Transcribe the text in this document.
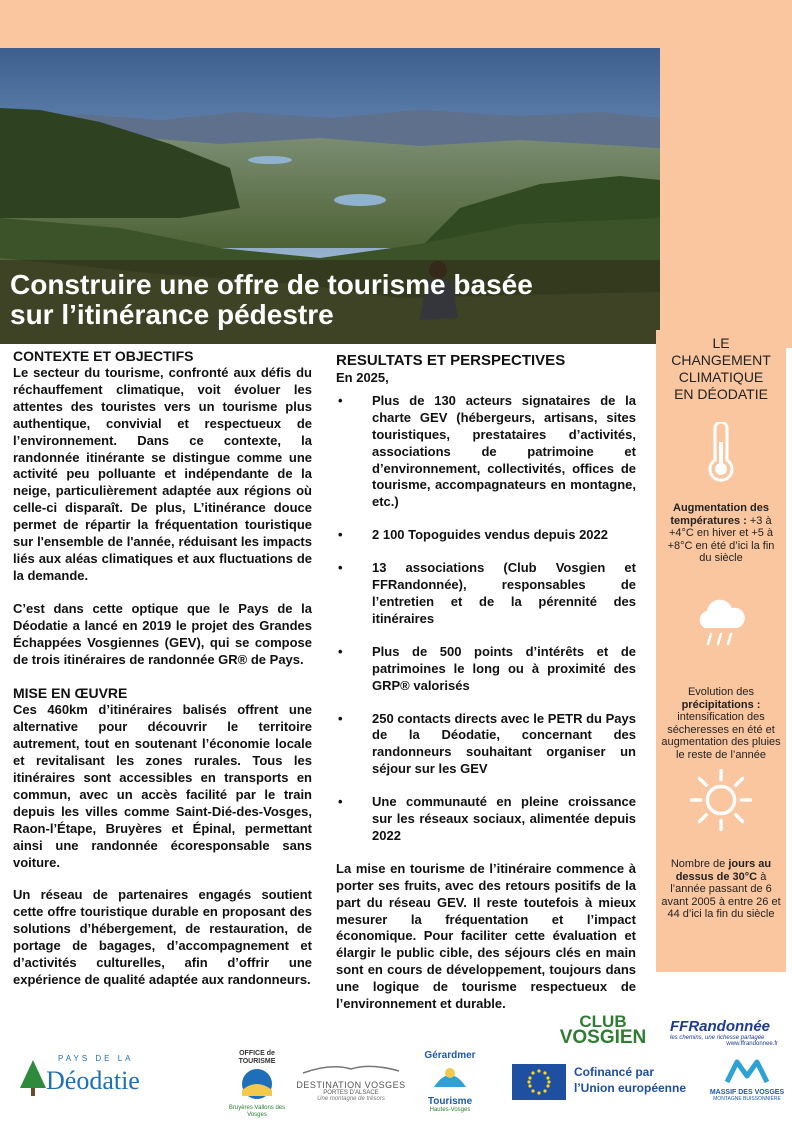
Construire une offre de tourisme basée
sur l’itinérance pédestre
LE
CHANGEMENT
CLIMATIQUE
EN DÉODATIE
Augmentation des températures : +3 à +4°C en hiver et +5 à +8°C en été d’ici la fin du siècle
Evolution des précipitations : intensification des sécheresses en été et augmentation des pluies le reste de l’année
Nombre de jours au dessus de 30°C à l’année passant de 6 avant 2005 à entre 26 et 44 d’ici la fin du siècle
CONTEXTE ET OBJECTIFS
Le secteur du tourisme, confronté aux défis du réchauffement climatique, voit évoluer les attentes des touristes vers un tourisme plus authentique, convivial et respectueux de l’environnement. Dans ce contexte, la randonnée itinérante se distingue comme une activité peu polluante et indépendante de la neige, particulièrement adaptée aux régions où celle-ci disparaît. De plus, L’itinérance douce permet de répartir la fréquentation touristique sur l'ensemble de l'année, réduisant les impacts liés aux aléas climatiques et aux fluctuations de la demande.
C’est dans cette optique que le Pays de la Déodatie a lancé en 2019 le projet des Grandes Échappées Vosgiennes (GEV), qui se compose de trois itinéraires de randonnée GR® de Pays.
MISE EN ŒUVRE
Ces 460km d’itinéraires balisés offrent une alternative pour découvrir le territoire autrement, tout en soutenant l’économie locale et revitalisant les zones rurales. Tous les itinéraires sont accessibles en transports en commun, avec un accès facilité par le train depuis les villes comme Saint-Dié-des-Vosges, Raon-l’Étape, Bruyères et Épinal, permettant ainsi une randonnée écoresponsable sans voiture.
Un réseau de partenaires engagés soutient cette offre touristique durable en proposant des solutions d’hébergement, de restauration, de portage de bagages, d’accompagnement et d’activités culturelles, afin d’offrir une expérience de qualité adaptée aux randonneurs.
RESULTATS ET PERSPECTIVES
En 2025,
• Plus de 130 acteurs signataires de la charte GEV (hébergeurs, artisans, sites touristiques, prestataires d’activités, associations de patrimoine et d’environnement, collectivités, offices de tourisme, accompagnateurs en montagne, etc.)
• 2 100 Topoguides vendus depuis 2022
• 13 associations (Club Vosgien et FFRandonnée), responsables de l’entretien et de la pérennité des itinéraires
• Plus de 500 points d’intérêts et de patrimoines le long ou à proximité des GRP® valorisés
• 250 contacts directs avec le PETR du Pays de la Déodatie, concernant des randonneurs souhaitant organiser un séjour sur les GEV
• Une communauté en pleine croissance sur les réseaux sociaux, alimentée depuis 2022
La mise en tourisme de l’itinéraire commence à porter ses fruits, avec des retours positifs de la part du réseau GEV. Il reste toutefois à mieux mesurer la fréquentation et l’impact économique. Pour faciliter cette évaluation et élargir le public cible, des séjours clés en main sont en cours de développement, toujours dans une logique de tourisme respectueux de l’environnement et durable.
CLUB
VOSGIEN
FFRandonnée
les chemins, une richesse partagée
www.ffrandonnee.fr
PAYS DE LA
Déodatie
OFFICE de TOURISME
Bruyères Vallons des Vosges
DESTINATION VOSGES
PORTES D'ALSACE
Une montagne de trésors
Gérardmer
Tourisme
Hautes-Vosges
Cofinancé par
l’Union européenne	MASSIF DES VOSGES
MONTAGNE BUISSONNIÈRE
